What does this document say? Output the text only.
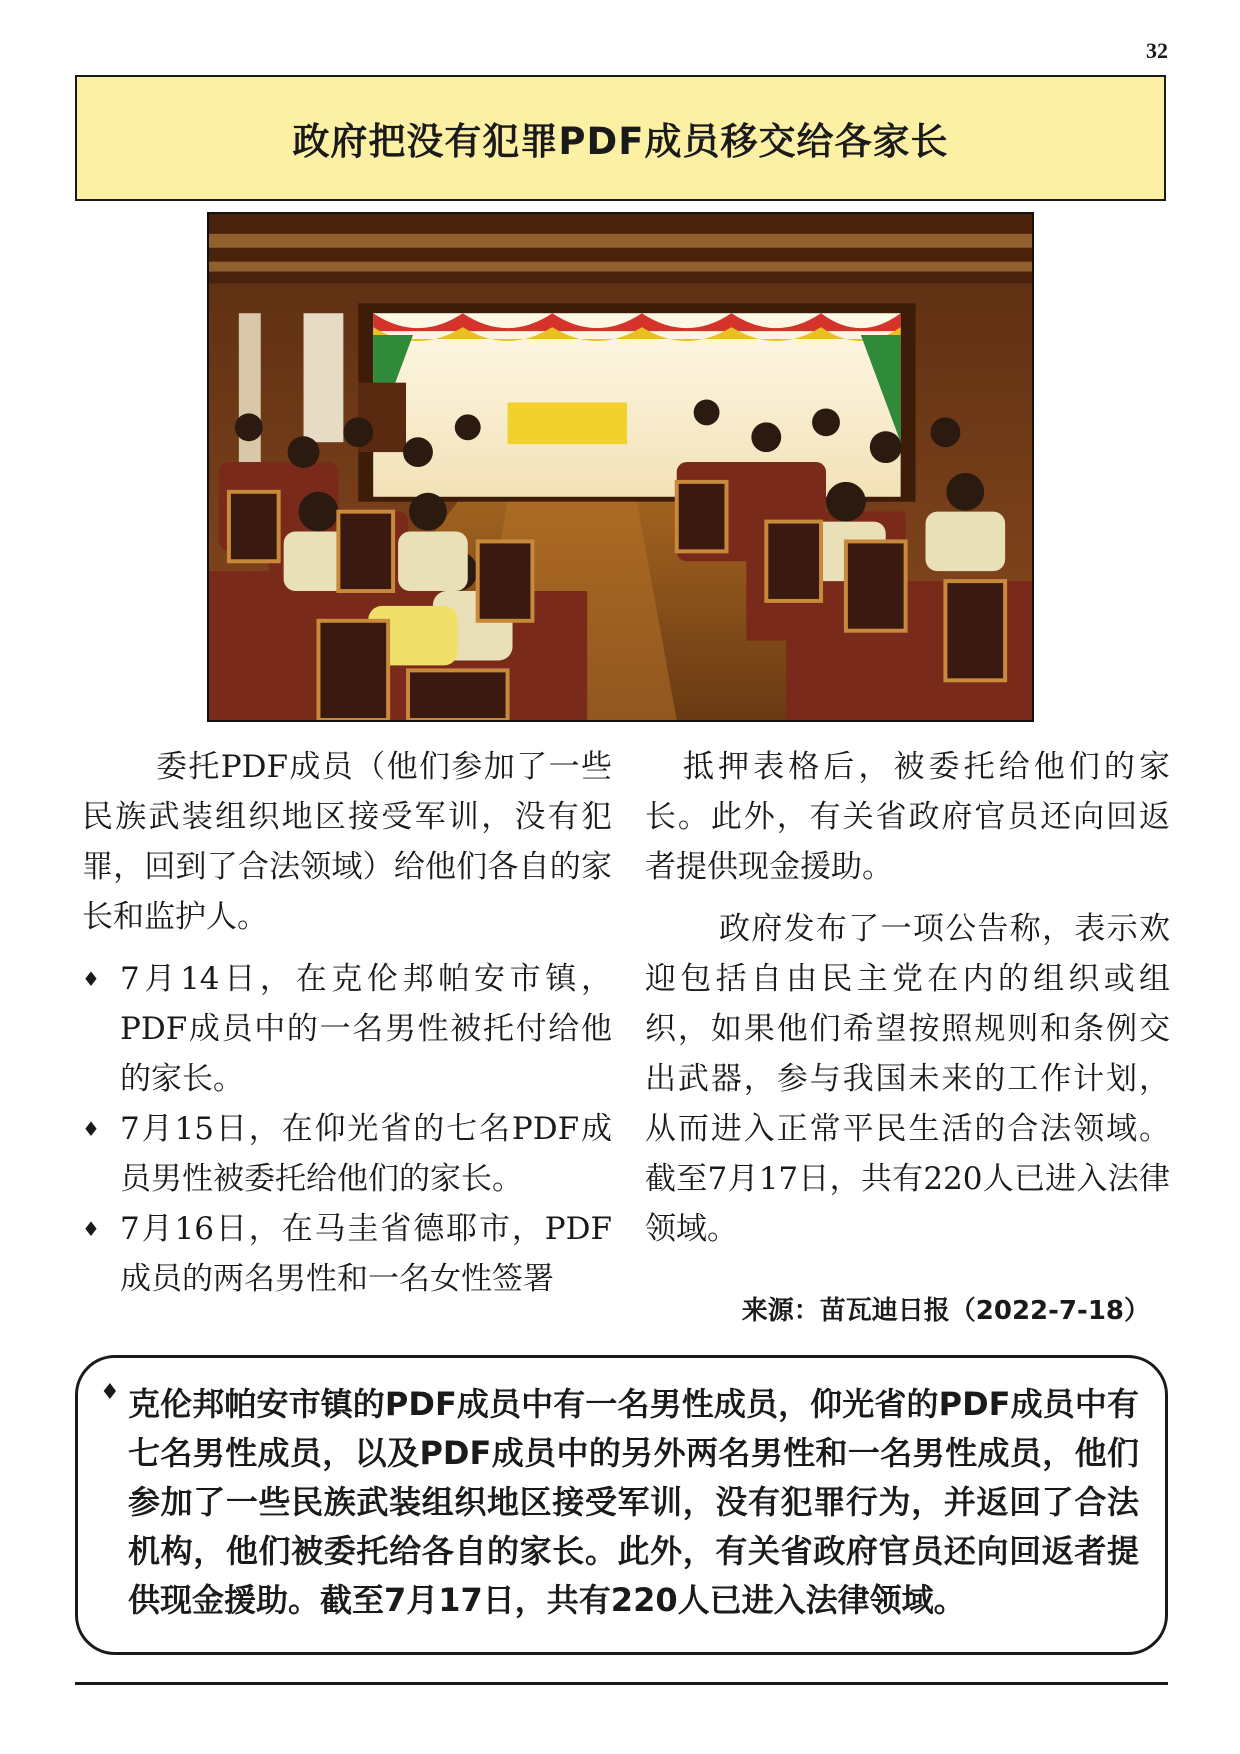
32
政府把没有犯罪PDF成员移交给各家长

委托PDF成员（他们参加了一些民族武装组织地区接受军训，没有犯罪，回到了合法领域）给他们各自的家长和监护人。

♦ 7月14日，在克伦邦帕安市镇，PDF成员中的一名男性被托付给他的家长。
♦ 7月15日，在仰光省的七名PDF成员男性被委托给他们的家长。
♦ 7月16日，在马圭省德耶市，PDF成员的两名男性和一名女性签署

抵押表格后，被委托给他们的家长。此外，有关省政府官员还向回返者提供现金援助。

政府发布了一项公告称，表示欢迎包括自由民主党在内的组织或组织，如果他们希望按照规则和条例交出武器，参与我国未来的工作计划，从而进入正常平民生活的合法领域。截至7月17日，共有220人已进入法律领域。

来源：苗瓦迪日报（2022-7-18）
♦ 克伦邦帕安市镇的PDF成员中有一名男性成员，仰光省的PDF成员中有七名男性成员，以及PDF成员中的另外两名男性和一名男性成员，他们参加了一些民族武装组织地区接受军训，没有犯罪行为，并返回了合法机构，他们被委托给各自的家长。此外，有关省政府官员还向回返者提供现金援助。截至7月17日，共有220人已进入法律领域。
